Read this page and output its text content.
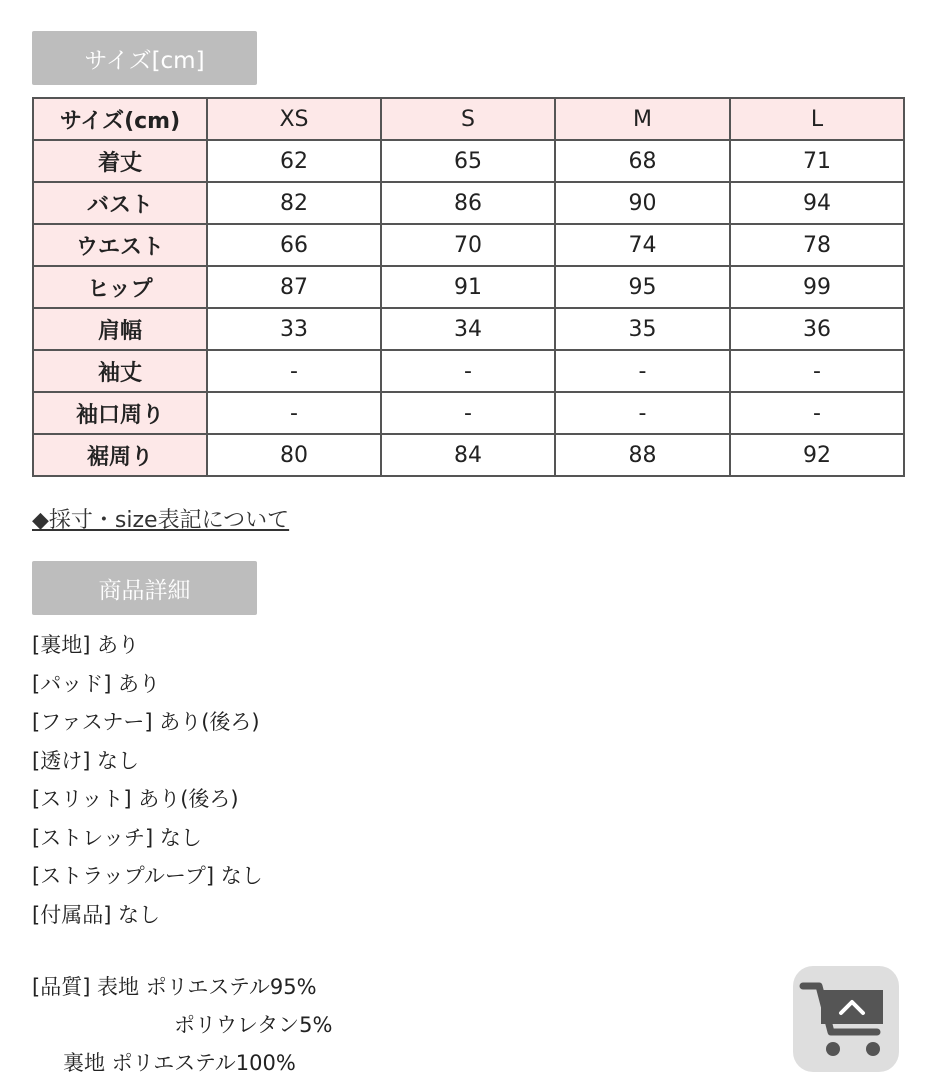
サイズ[cm]
サイズ(cm)	XS	S	M	L
着丈	62	65	68	71
バスト	82	86	90	94
ウエスト	66	70	74	78
ヒップ	87	91	95	99
肩幅	33	34	35	36
袖丈	-	-	-	-
袖口周り	-	-	-	-
裾周り	80	84	88	92
◆採寸・size表記について
商品詳細
[裏地] あり
[パッド] あり
[ファスナー] あり(後ろ)
[透け] なし
[スリット] あり(後ろ)
[ストレッチ] なし
[ストラップループ] なし
[付属品] なし
[品質] 表地 ポリエステル95%
ポリウレタン5%
裏地 ポリエステル100%
